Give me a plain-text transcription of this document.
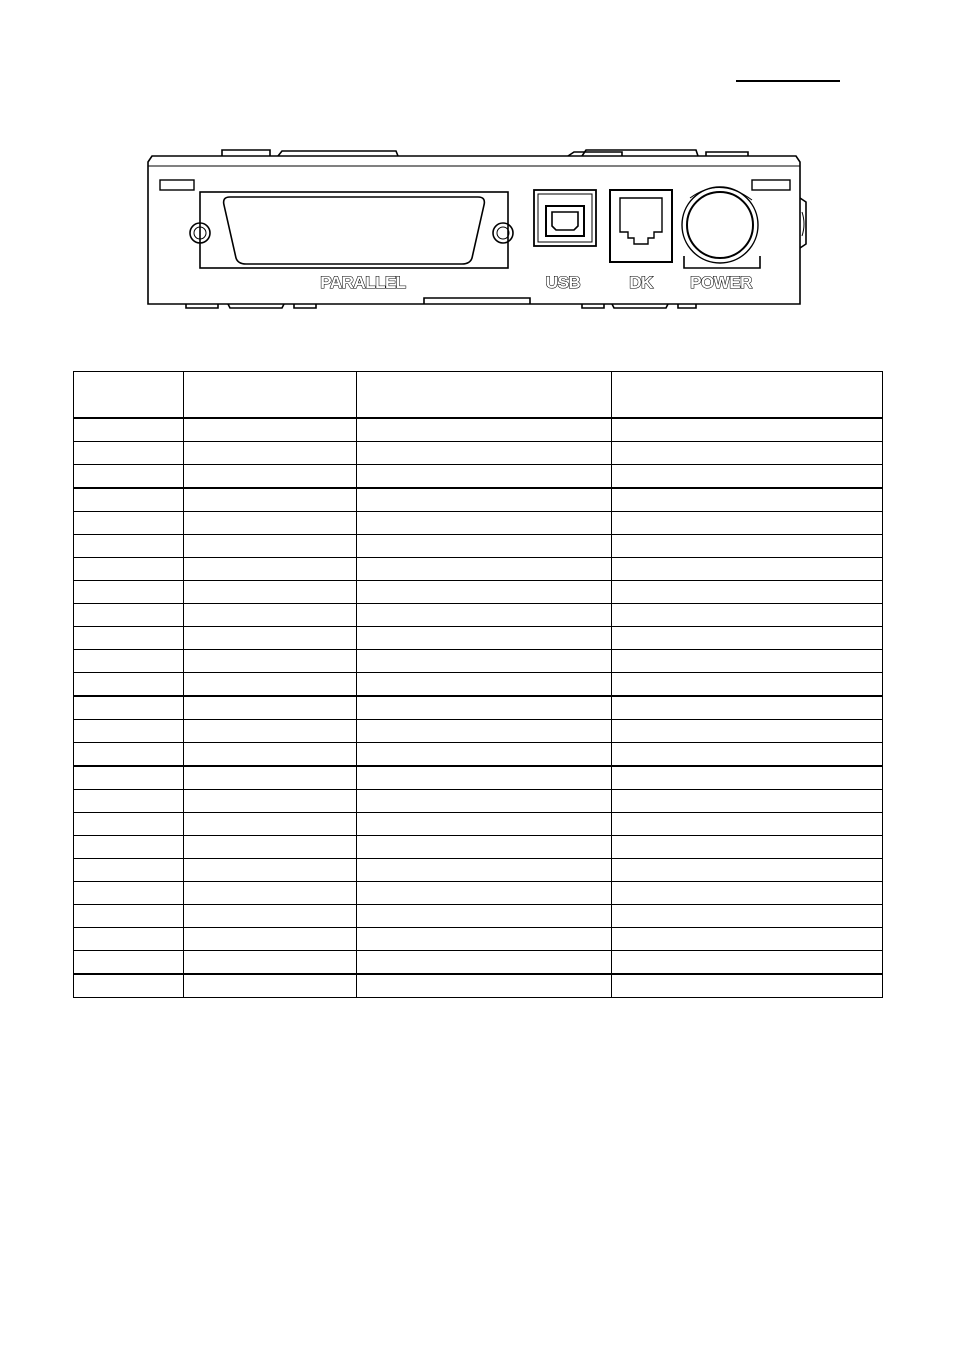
PARALLEL	USB	DK POWER
